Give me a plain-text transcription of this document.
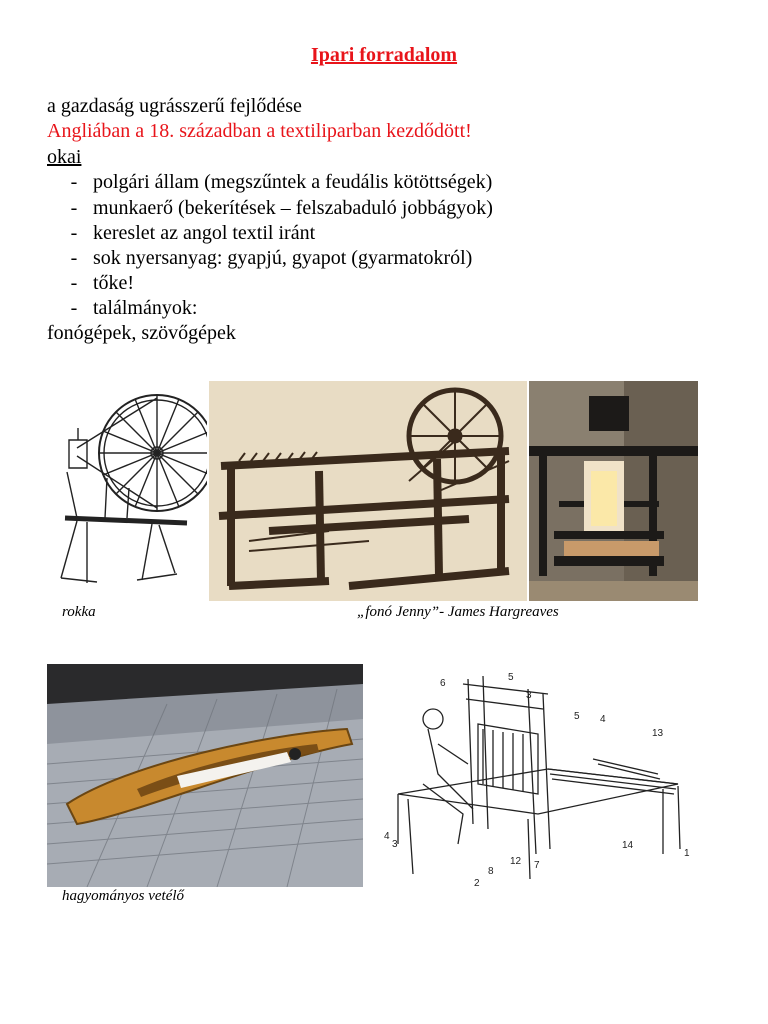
Ipari forradalom
a gazdaság ugrásszerű fejlődése
Angliában a 18. században a textiliparban kezdődött!
okai
- polgári állam (megszűntek a feudális kötöttségek)
- munkaerő (bekerítések – felszabaduló jobbágyok)
- kereslet az angol textil iránt
- sok nyersanyag: gyapjú, gyapot (gyarmatokról)
- tőke!
- találmányok:
fonógépek, szövőgépek
rokka	„fonó Jenny”- James Hargreaves
6
5
3
5 4
13
4
3
2
8
12 7
14
1
hagyományos vetélő
